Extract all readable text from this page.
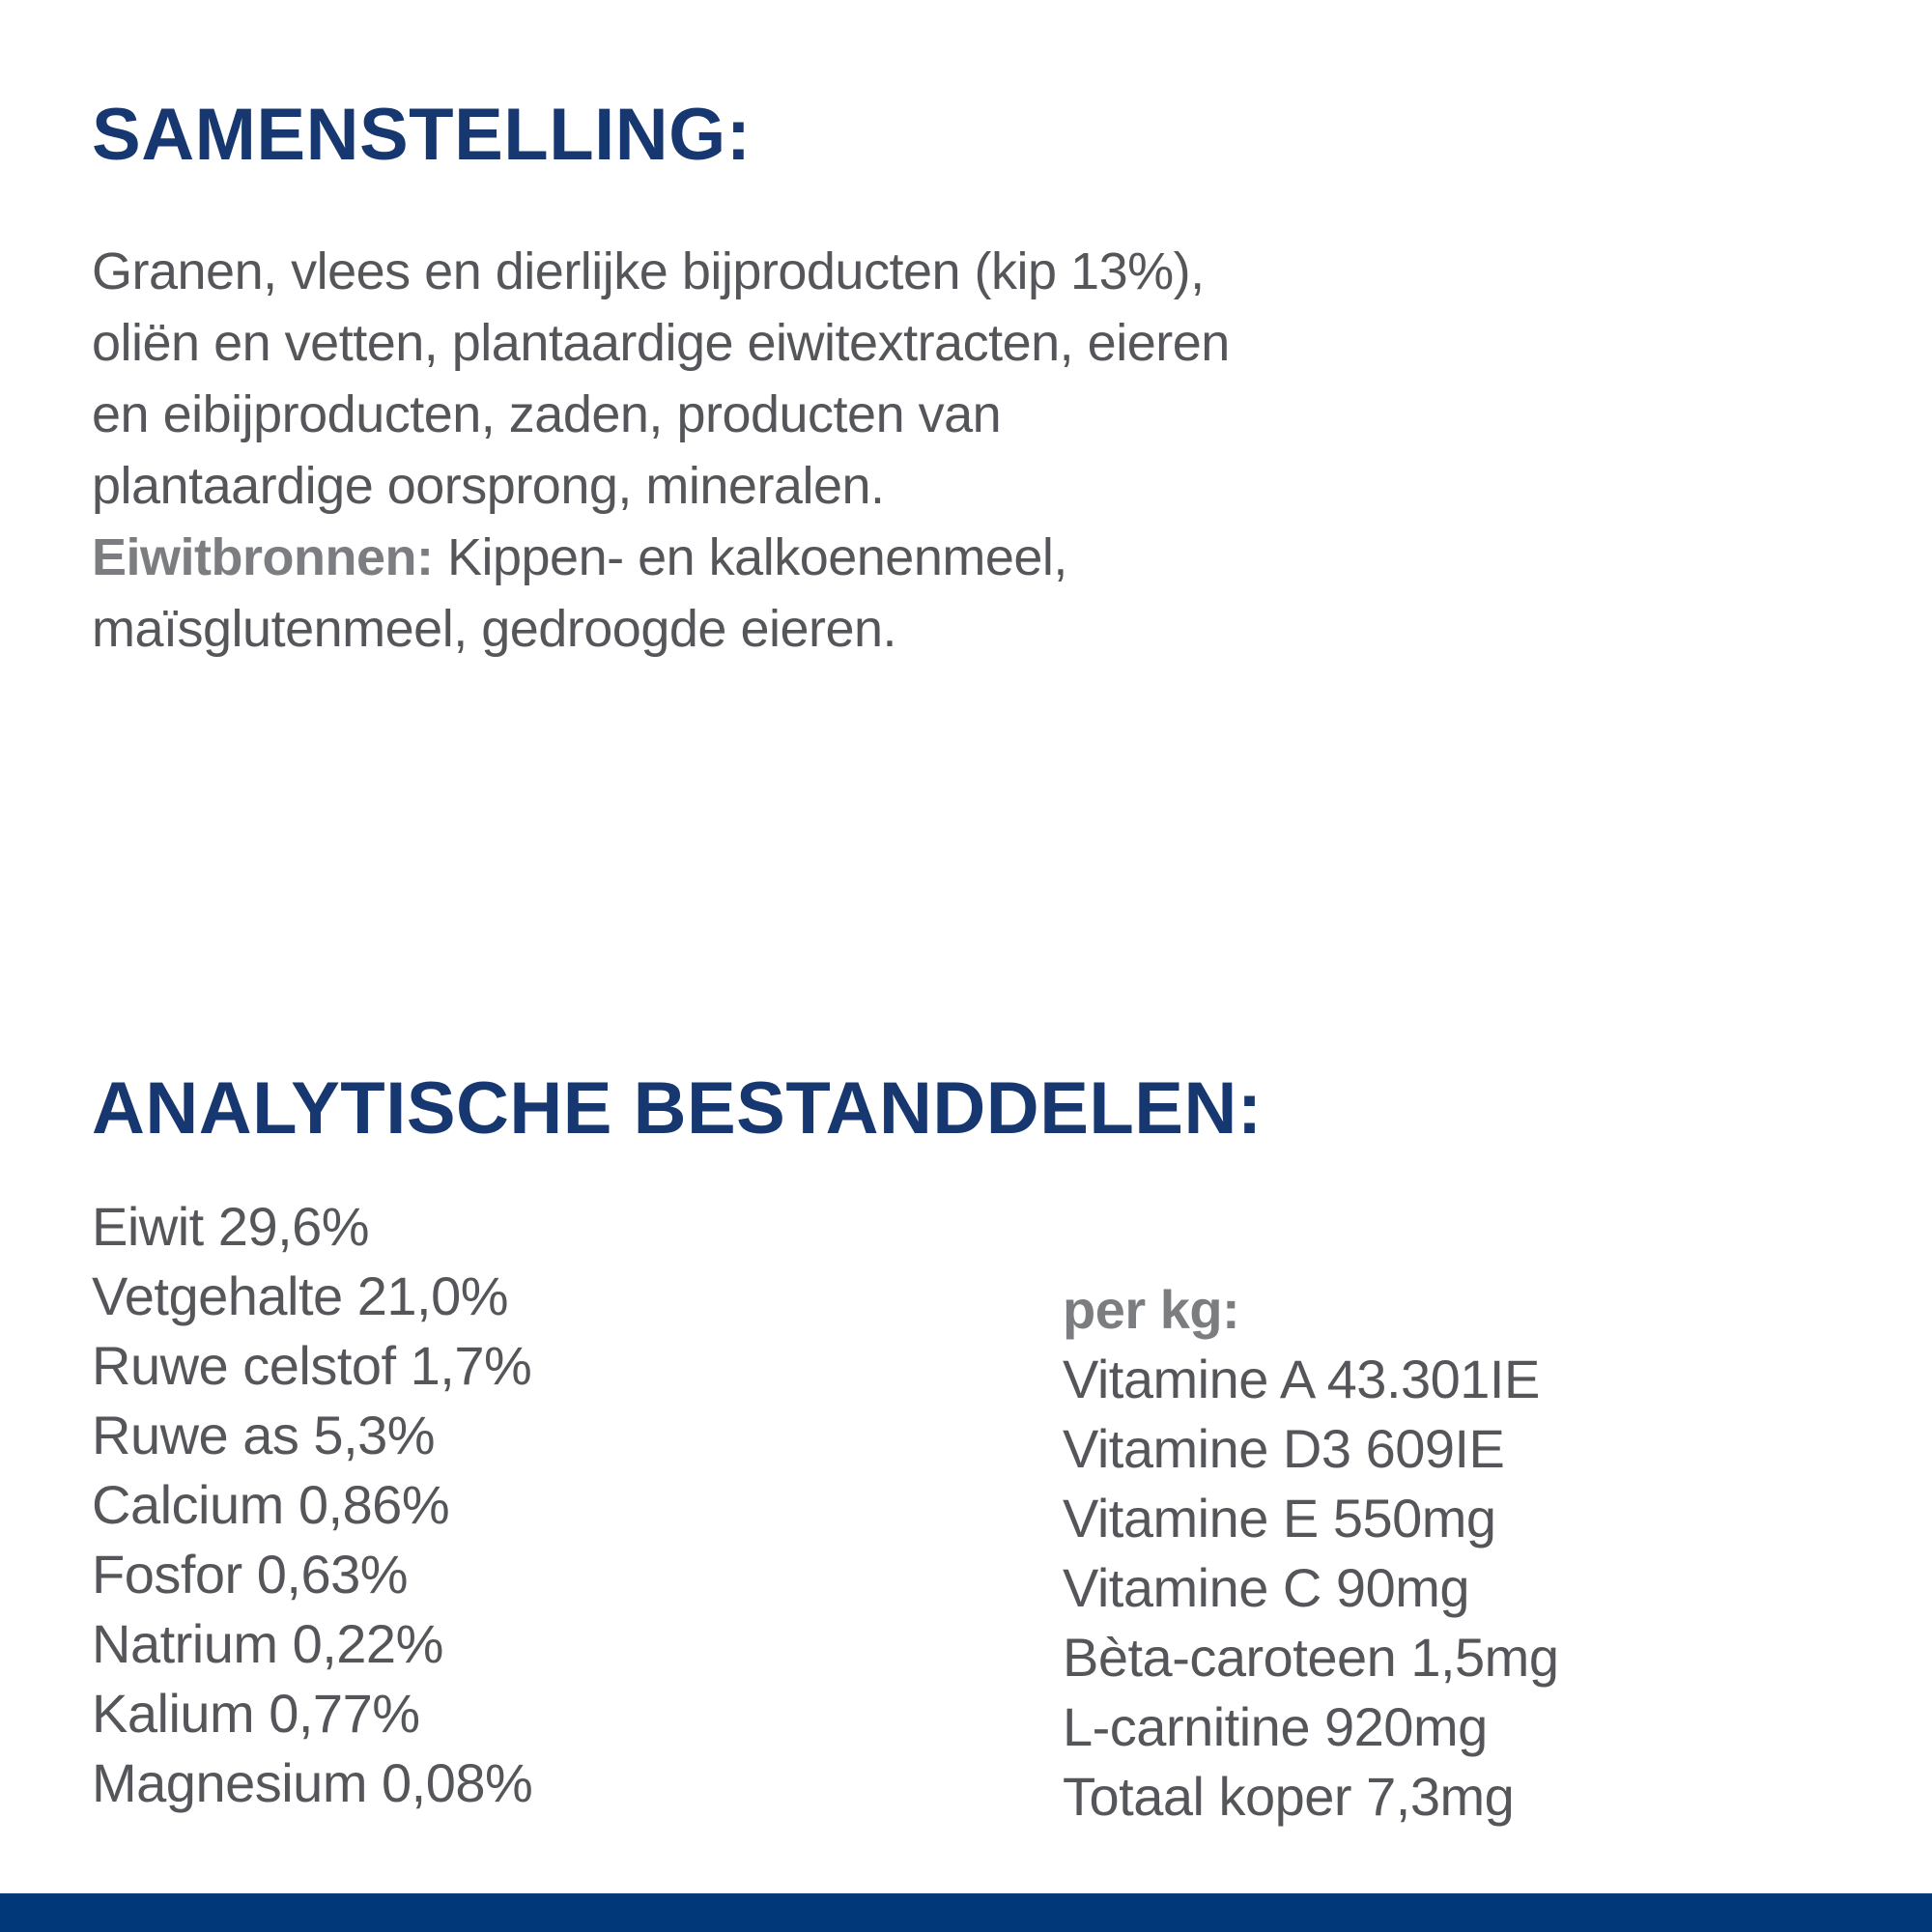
SAMENSTELLING:
Granen, vlees en dierlijke bijproducten (kip 13%),
oliën en vetten, plantaardige eiwitextracten, eieren
en eibijproducten, zaden, producten van
plantaardige oorsprong, mineralen.
Eiwitbronnen: Kippen- en kalkoenenmeel,
maïsglutenmeel, gedroogde eieren.
ANALYTISCHE BESTANDDELEN:
Eiwit 29,6%
Vetgehalte 21,0%
Ruwe celstof 1,7%
Ruwe as 5,3%
Calcium 0,86%
Fosfor 0,63%
Natrium 0,22%
Kalium 0,77%
Magnesium 0,08%
per kg:
Vitamine A 43.301IE
Vitamine D3 609IE
Vitamine E 550mg
Vitamine C 90mg
Bèta-caroteen 1,5mg
L-carnitine 920mg
Totaal koper 7,3mg
